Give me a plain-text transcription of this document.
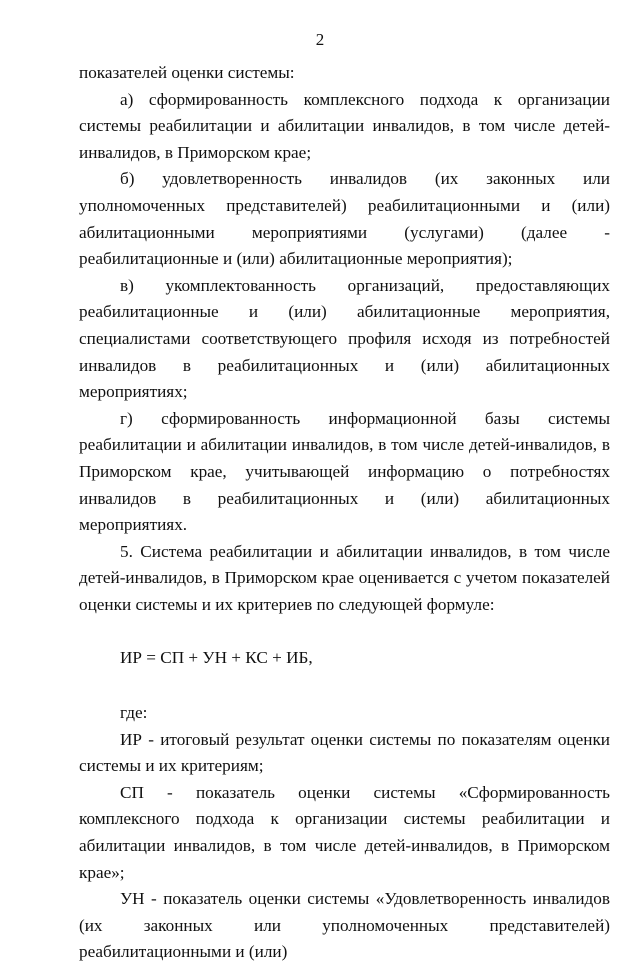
2

показателей оценки системы:

а) сформированность комплексного подхода к организации системы реабилитации и абилитации инвалидов, в том числе детей-инвалидов, в Приморском крае;

б) удовлетворенность инвалидов (их законных или уполномоченных представителей) реабилитационными и (или) абилитационными мероприятиями (услугами) (далее - реабилитационные и (или) абилитационные мероприятия);

в) укомплектованность организаций, предоставляющих реабилитационные и (или) абилитационные мероприятия, специалистами соответствующего профиля исходя из потребностей инвалидов в реабилитационных и (или) абилитационных мероприятиях;

г) сформированность информационной базы системы реабилитации и абилитации инвалидов, в том числе детей-инвалидов, в Приморском крае, учитывающей информацию о потребностях инвалидов в реабилитационных и (или) абилитационных мероприятиях.

5. Система реабилитации и абилитации инвалидов, в том числе детей-инвалидов, в Приморском крае оценивается с учетом показателей оценки системы и их критериев по следующей формуле:

ИР = СП + УН + КС + ИБ,

где:

ИР - итоговый результат оценки системы по показателям оценки системы и их критериям;

СП - показатель оценки системы «Сформированность комплексного подхода к организации системы реабилитации и абилитации инвалидов, в том числе детей-инвалидов, в Приморском крае»;

УН - показатель оценки системы «Удовлетворенность инвалидов (их законных или уполномоченных представителей) реабилитационными и (или)
